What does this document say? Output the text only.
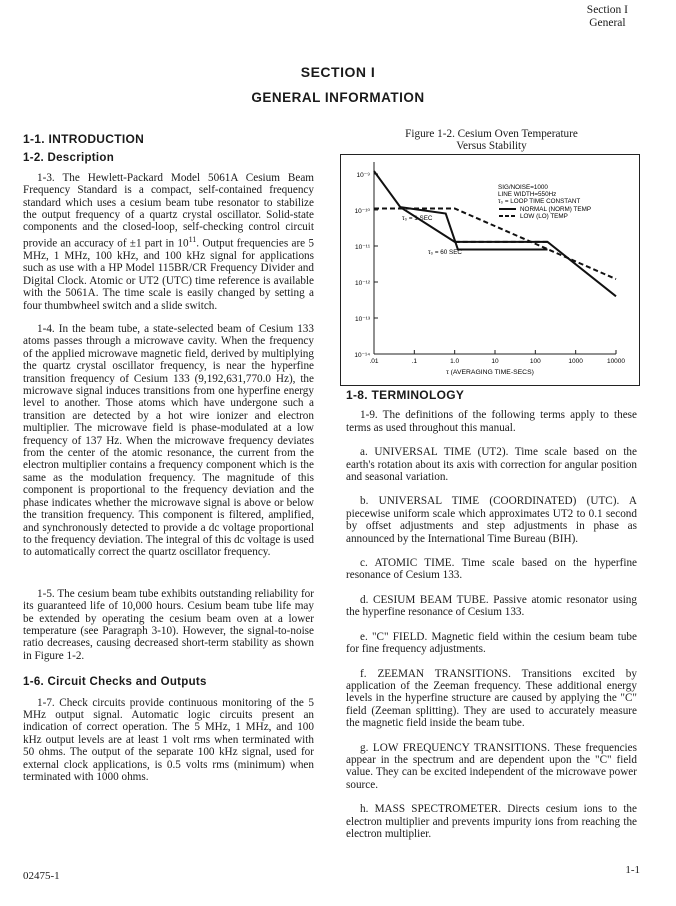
Section I
General
SECTION I
GENERAL INFORMATION

1-1. INTRODUCTION

1-2. Description

1-3. The Hewlett-Packard Model 5061A Cesium Beam Frequency Standard is a compact, self-contained frequency standard which uses a cesium beam tube resonator to stabilize the output frequency of a quartz crystal oscillator. Solid-state components and the closed-loop, self-checking control circuit provide an accuracy of ±1 part in $10^{11}$. Output frequencies are 5 MHz, 1 MHz, 100 kHz, and 100 kHz signal for applications such as use with a HP Model 115BR/CR Frequency Divider and Digital Clock. Atomic or UT2 (UTC) time reference is available with the 5061A. The time scale is easily changed by setting a four thumbwheel switch and a slide switch.

1-4. In the beam tube, a state-selected beam of Cesium 133 atoms passes through a microwave cavity. When the frequency of the applied microwave magnetic field, derived by multiplying the quartz crystal oscillator frequency, is near the hyperfine transition frequency of Cesium 133 (9,192,631,770.0 Hz), the microwave signal induces transitions from one hyperfine energy level to another. Those atoms which have undergone such a transition are detected by a hot wire ionizer and electron multiplier. The microwave field is phase-modulated at a low frequency of 137 Hz. When the microwave frequency deviates from the center of the atomic resonance, the current from the electron multiplier contains a frequency component which is the same as the modulation frequency. The magnitude of this component is proportional to the frequency deviation and the phase indicates whether the microwave signal is above or below the transition frequency. This component is filtered, amplified, and synchronously detected to provide a dc voltage proportional to the frequency deviation. The integral of this dc voltage is used to automatically correct the quartz oscillator frequency.

1-5. The cesium beam tube exhibits outstanding reliability for its guaranteed life of 10,000 hours. Cesium beam tube life may be extended by operating the cesium beam oven at a lower temperature (see Paragraph 3-10). However, the signal-to-noise ratio decreases, causing decreased short-term stability as shown in Figure 1-2.

1-6. Circuit Checks and Outputs

1-7. Check circuits provide continuous monitoring of the 5 MHz output signal. Automatic logic circuits present an indication of correct operation. The 5 MHz, 1 MHz, and 100 kHz output levels are at least 1 volt rms when terminated with 50 ohms. The output of the separate 100 kHz signal, used for external clock applications, is 0.5 volts rms (minimum) when terminated with 1000 ohms.

Figure 1-2. Cesium Oven Temperature
Versus Stability
10⁻⁹
10⁻¹⁰
10⁻¹¹
10⁻¹²
10⁻¹³
10⁻¹⁴
.01	.1	1.0	10	100	1000	10000
SIG/NOISE=1000
LINE WIDTH=550Hz
τ₀ = LOOP TIME CONSTANT
NORMAL (NORM) TEMP
LOW (LO) TEMP
τ₀ = 1 SEC
τ₀ = 60 SEC
τ (AVERAGING TIME-SECS)

1-8. TERMINOLOGY

1-9. The definitions of the following terms apply to these terms as used throughout this manual.

a. UNIVERSAL TIME (UT2). Time scale based on the earth's rotation about its axis with correction for angular position and seasonal variation.

b. UNIVERSAL TIME (COORDINATED) (UTC). A piecewise uniform scale which approximates UT2 to 0.1 second by offset adjustments and step adjustments in phase as announced by the International Time Bureau (BIH).

c. ATOMIC TIME. Time scale based on the hyperfine resonance of Cesium 133.

d. CESIUM BEAM TUBE. Passive atomic resonator using the hyperfine resonance of Cesium 133.

e. "C" FIELD. Magnetic field within the cesium beam tube for fine frequency adjustments.

f. ZEEMAN TRANSITIONS. Transitions excited by application of the Zeeman frequency. These additional energy levels in the hyperfine structure are caused by applying the "C" field (Zeeman splitting). They are used to accurately measure the magnetic field inside the beam tube.

g. LOW FREQUENCY TRANSITIONS. These frequencies appear in the spectrum and are dependent upon the "C" field value. They can be excited independent of the microwave power source.

h. MASS SPECTROMETER. Directs cesium ions to the electron multiplier and prevents impurity ions from reaching the electron multiplier.

02475-1	1-1
